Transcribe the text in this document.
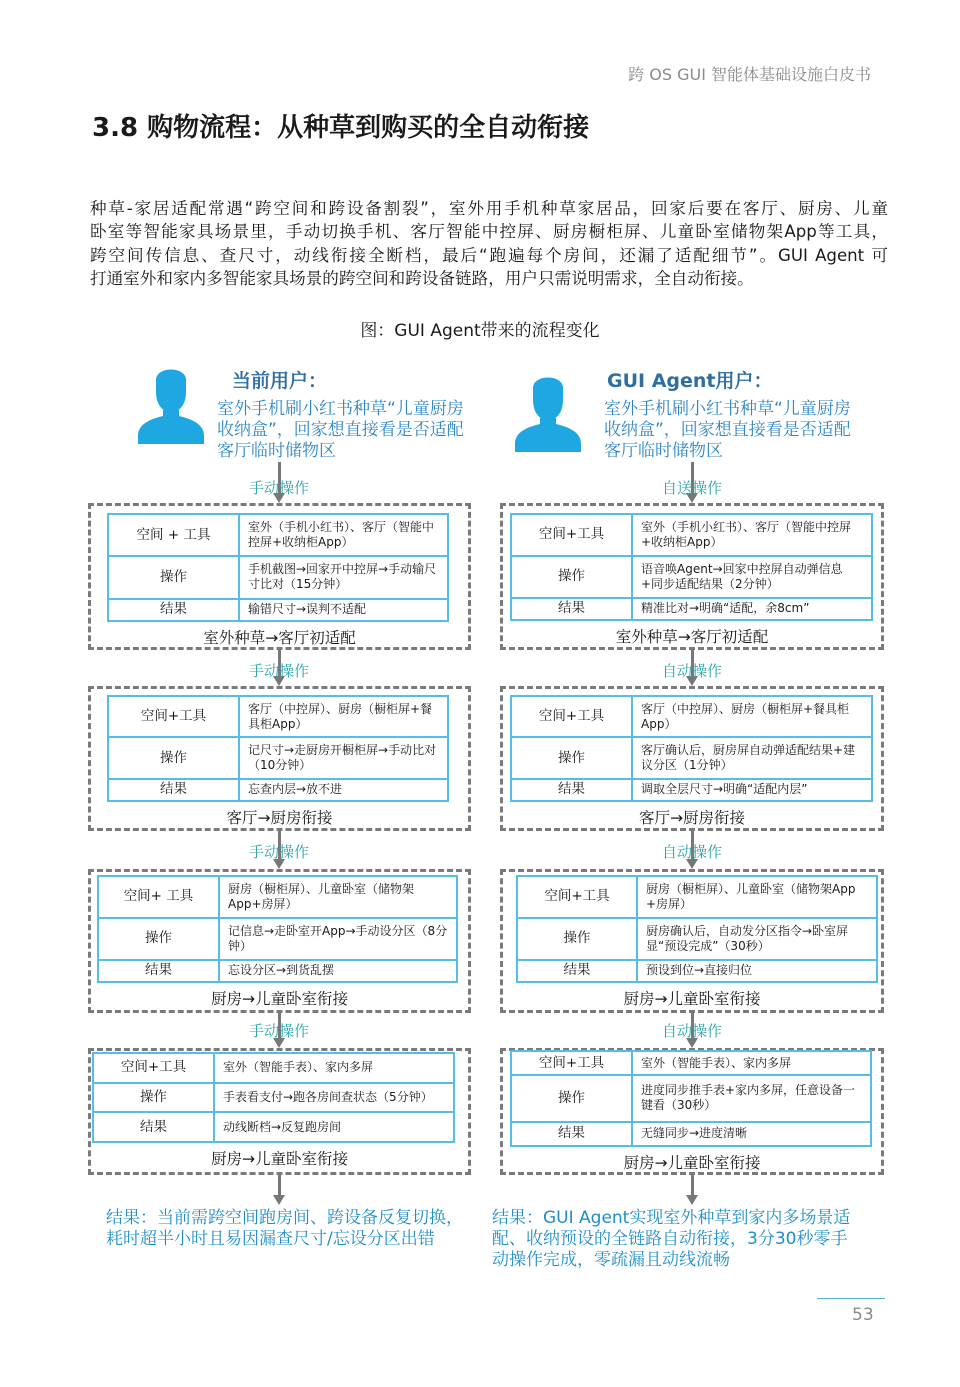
跨 OS GUI 智能体基础设施白皮书
3.8 购物流程：从种草到购买的全自动衔接
种草-家居适配常遇“跨空间和跨设备割裂”，室外用手机种草家居品，回家后要在客厅、厨房、儿童
卧室等智能家具场景里，手动切换手机、客厅智能中控屏、厨房橱柜屏、儿童卧室储物架App等工具，
跨空间传信息、查尺寸，动线衔接全断档，最后“跑遍每个房间，还漏了适配细节”。GUI Agent 可
打通室外和家内多智能家具场景的跨空间和跨设备链路，用户只需说明需求，全自动衔接。
图：GUI Agent带来的流程变化
当前用户：
室外手机刷小红书种草“儿童厨房收纳盒”，回家想直接看是否适配客厅临时储物区
手动操作
空间 + 工具	室外（手机小红书）、客厅（智能中控屏+收纳柜App）
操作	手机截图→回家开中控屏→手动输尺寸比对（15分钟）
结果	输错尺寸→误判不适配
室外种草→客厅初适配
手动操作
空间+工具	客厅（中控屏）、厨房（橱柜屏+餐具柜App）
操作	记尺寸→走厨房开橱柜屏→手动比对（10分钟）
结果	忘查内层→放不进
客厅→厨房衔接
手动操作
空间+ 工具	厨房（橱柜屏）、儿童卧室（储物架App+房屏）
操作	记信息→走卧室开App→手动设分区（8分钟）
结果	忘设分区→到货乱摆
厨房→儿童卧室衔接
手动操作
空间+工具	室外（智能手表）、家内多屏
操作	手表看支付→跑各房间查状态（5分钟）
结果	动线断档→反复跑房间
厨房→儿童卧室衔接
结果：当前需跨空间跑房间、跨设备反复切换，耗时超半小时且易因漏查尺寸/忘设分区出错
GUI Agent用户：
室外手机刷小红书种草“儿童厨房收纳盒”，回家想直接看是否适配客厅临时储物区
自送操作
空间+工具	室外（手机小红书）、客厅（智能中控屏+收纳柜App）
操作	语音唤Agent→回家中控屏自动弹信息+同步适配结果（2分钟）
结果	精准比对→明确“适配，余8cm”
室外种草→客厅初适配
自动操作
空间+工具	客厅（中控屏）、厨房（橱柜屏+餐具柜App）
操作	客厅确认后，厨房屏自动弹适配结果+建议分区（1分钟）
结果	调取全层尺寸→明确“适配内层”
客厅→厨房衔接
自动操作
空间+工具	厨房（橱柜屏）、儿童卧室（储物架App +房屏）
操作	厨房确认后，自动发分区指令→卧室屏显“预设完成”（30秒）
结果	预设到位→直接归位
厨房→儿童卧室衔接
自动操作
空间+工具	室外（智能手表）、家内多屏
操作	进度同步推手表+家内多屏，任意设备一键看（30秒）
结果	无缝同步→进度清晰
厨房→儿童卧室衔接
结果：GUI Agent实现室外种草到家内多场景适配、收纳预设的全链路自动衔接，3分30秒零手动操作完成，零疏漏且动线流畅
53
